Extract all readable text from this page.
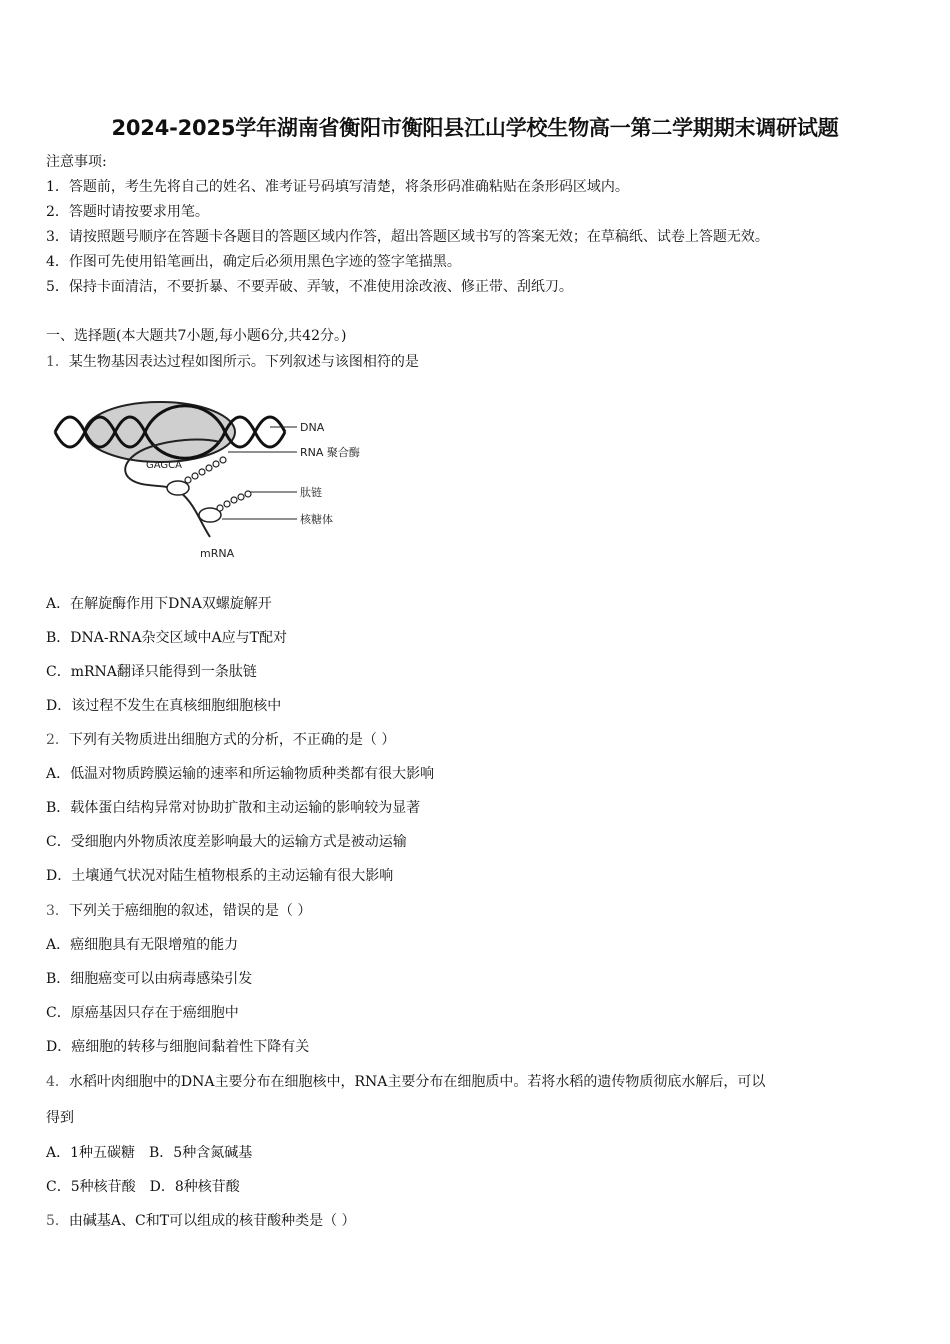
2024-2025学年湖南省衡阳市衡阳县江山学校生物高一第二学期期末调研试题
注意事项:
1．答题前，考生先将自己的姓名、准考证号码填写清楚，将条形码准确粘贴在条形码区域内。
2．答题时请按要求用笔。
3．请按照题号顺序在答题卡各题目的答题区域内作答，超出答题区域书写的答案无效；在草稿纸、试卷上答题无效。
4．作图可先使用铅笔画出，确定后必须用黑色字迹的签字笔描黑。
5．保持卡面清洁，不要折暴、不要弄破、弄皱，不准使用涂改液、修正带、刮纸刀。
一、选择题(本大题共7小题,每小题6分,共42分。)
1．某生物基因表达过程如图所示。下列叙述与该图相符的是
DNA
RNA 聚合酶
肽链
核糖体
mRNA
GAGCA
A．在解旋酶作用下DNA双螺旋解开
B．DNA-RNA杂交区域中A应与T配对
C．mRNA翻译只能得到一条肽链
D．该过程不发生在真核细胞细胞核中
2．下列有关物质进出细胞方式的分析，不正确的是（ ）
A．低温对物质跨膜运输的速率和所运输物质种类都有很大影响
B．载体蛋白结构异常对协助扩散和主动运输的影响较为显著
C．受细胞内外物质浓度差影响最大的运输方式是被动运输
D．土壤通气状况对陆生植物根系的主动运输有很大影响
3．下列关于癌细胞的叙述，错误的是（ ）
A．癌细胞具有无限增殖的能力
B．细胞癌变可以由病毒感染引发
C．原癌基因只存在于癌细胞中
D．癌细胞的转移与细胞间黏着性下降有关
4．水稻叶肉细胞中的DNA主要分布在细胞核中，RNA主要分布在细胞质中。若将水稻的遗传物质彻底水解后，可以
得到
A．1种五碳糖　B．5种含氮碱基
C．5种核苷酸　D．8种核苷酸
5．由碱基A、C和T可以组成的核苷酸种类是（ ）
